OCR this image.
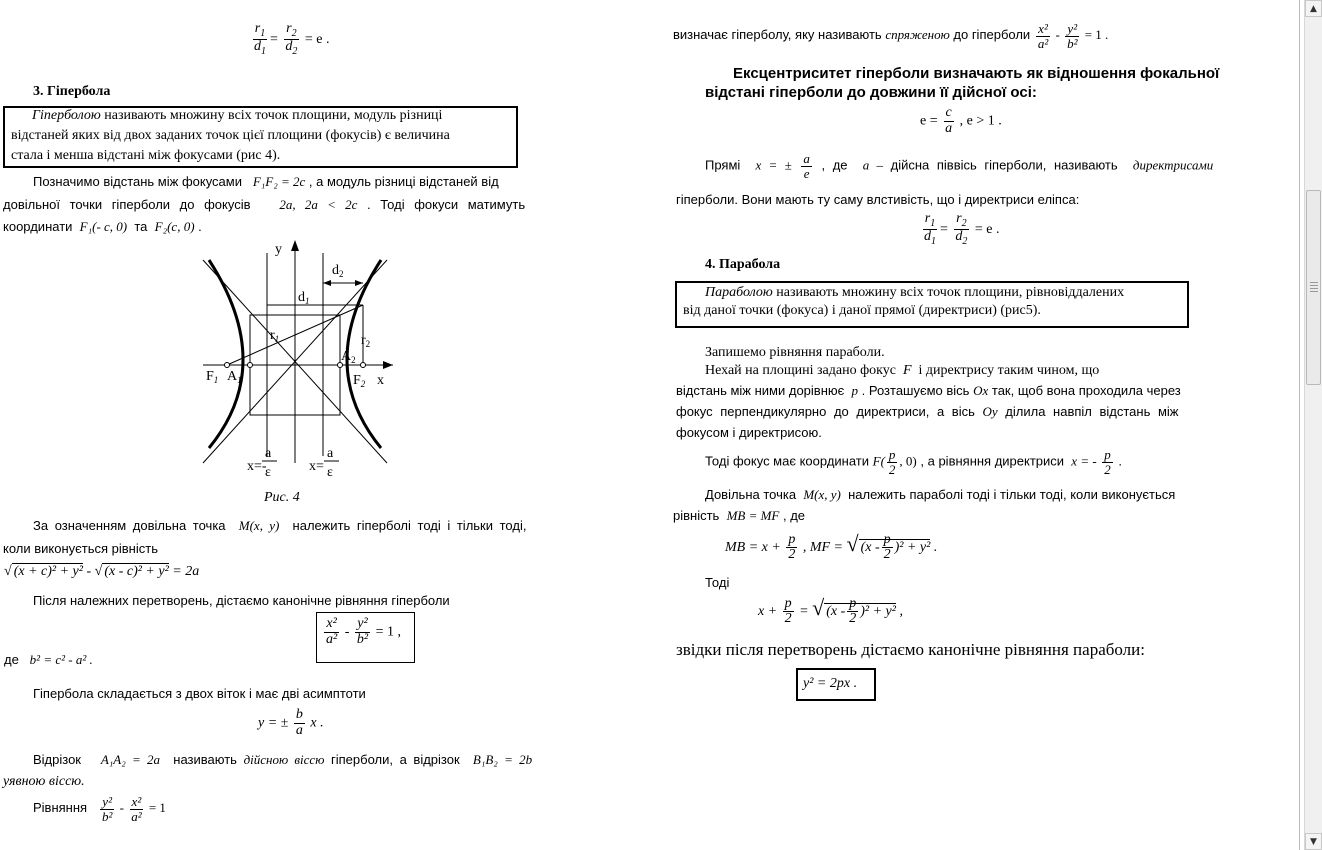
$\frac{r_1}{d_1} = \frac{r_2}{d_2} = e$ .
3. Гіпербола
Гіперболою називають множину всіх точок площини, модуль різниці
відстаней яких від двох заданих точок цієї площини (фокусів) є величина
стала і менша відстані між фокусами (рис 4).
Позначимо відстань між фокусами F₁F₂ = 2c , а модуль різниці відстаней від
довільної точки гіперболи до фокусів 2a, 2a < 2c . Тоді фокуси матимуть
координати F₁(- c, 0) та F₂(c, 0) .
y
x
$d_2$
$d_1$
$r_1$	$r_2$
$F_1$ $A_1$
$A_2$
$F_2$
x=-
a
ε	x=
a
ε
Рис. 4
За означенням довільна точка M(x, y) належить гіперболі тоді і тільки тоді,
коли виконується рівність
√ (x + c)² + y² - √ (x - c)² + y² = 2a
Після належних перетворень, дістаємо канонічне рівняння гіперболи
$\frac{\text{x²}}{\text{a²}} - \frac{\text{y²}}{\text{b²}} = 1$ ,
де b² = c² - a² .
Гіпербола складається з двох віток і має дві асимптоти
y = ± $\frac{b}{a}$ x .
Відрізок A₁A₂ = 2a називають дійсною віссю гіперболи, а відрізок B₁B₂ = 2b
уявною віссю.
Рівняння $\frac{\text{y²}}{\text{b²}} - \frac{\text{x²}}{\text{a²}} = 1$
визначає гіперболу, яку називають спряженою до гіперболи $\frac{\text{x²}}{\text{a²}} - \frac{\text{y²}}{\text{b²}} = 1$ .
Ексцентриситет гіперболи визначають як відношення фокальної
відстані гіперболи до довжини її дійсної осі:
$e = \frac{c}{a}$ , e > 1 .
Прямі x = ± $\frac{a}{e}$ , де a – дійсна піввісь гіперболи, називають директрисами
гіперболи. Вони мають ту саму влстивість, що і директриси еліпса:
$\frac{r_1}{d_1} = \frac{r_2}{d_2} = e$ .
4. Парабола
Параболою називають множину всіх точок площини, рівновіддалених
від даної точки (фокуса) і даної прямої (директриси) (рис5).
Запишемо рівняння параболи.
Нехай на площині задано фокус F і директрису таким чином, що
відстань між ними дорівнює p . Розташуємо вісь Ox так, щоб вона проходила через
фокус перпендикулярно до директриси, а вісь Oy ділила навпіл відстань між
фокусом і директрисою.
Тоді фокус має координати $F( \frac{p}{2}$ , 0) , а рівняння директриси x = - $\frac{p}{2}$ .
Довільна точка M(x, y) належить параболі тоді і тільки тоді, коли виконується
рівність MB = MF , де
MB = $x + \frac{p}{2}$ , MF = √ $(x - \frac{p}{2} )^2 + y^2$ .
Тоді
$x + \frac{p}{2}$ = √ $(x - \frac{p}{2} )^2 + y^2$ ,
звідки після перетворень дістаємо канонічне рівняння параболи:
y² = 2px .
▲
▼
